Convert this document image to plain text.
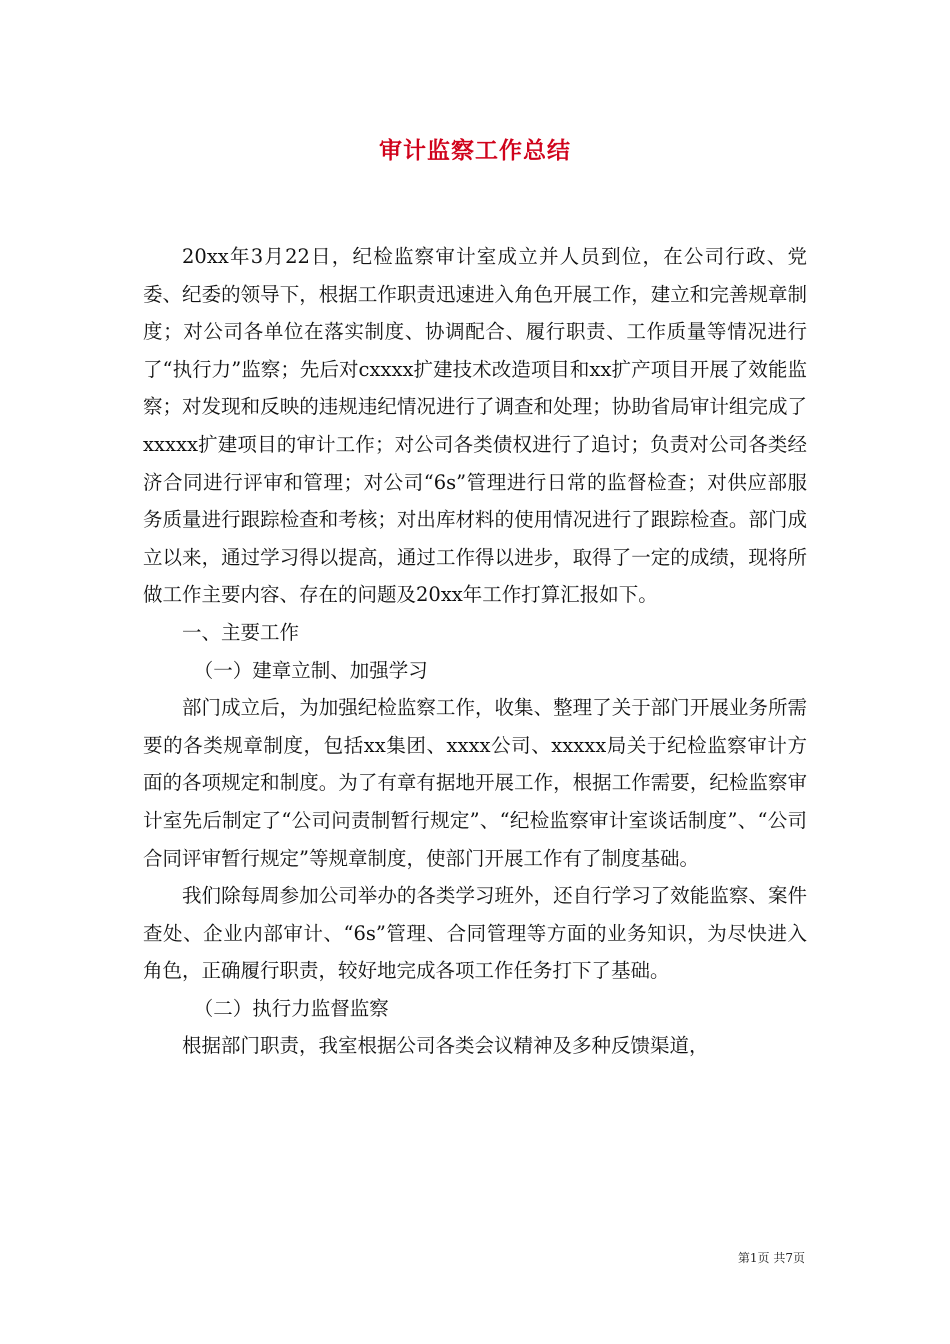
审计监察工作总结

20xx年3月22日，纪检监察审计室成立并人员到位，在公司行政、党委、纪委的领导下，根据工作职责迅速进入角色开展工作，建立和完善规章制度；对公司各单位在落实制度、协调配合、履行职责、工作质量等情况进行了“执行力”监察；先后对cxxxx扩建技术改造项目和xx扩产项目开展了效能监察；对发现和反映的违规违纪情况进行了调查和处理；协助省局审计组完成了xxxxx扩建项目的审计工作；对公司各类债权进行了追讨；负责对公司各类经济合同进行评审和管理；对公司“6s”管理进行日常的监督检查；对供应部服务质量进行跟踪检查和考核；对出库材料的使用情况进行了跟踪检查。部门成立以来，通过学习得以提高，通过工作得以进步，取得了一定的成绩，现将所做工作主要内容、存在的问题及20xx年工作打算汇报如下。

一、主要工作

（一）建章立制、加强学习

部门成立后，为加强纪检监察工作，收集、整理了关于部门开展业务所需要的各类规章制度，包括xx集团、xxxx公司、xxxxx局关于纪检监察审计方面的各项规定和制度。为了有章有据地开展工作，根据工作需要，纪检监察审计室先后制定了“公司问责制暂行规定”、“纪检监察审计室谈话制度”、“公司合同评审暂行规定”等规章制度，使部门开展工作有了制度基础。

我们除每周参加公司举办的各类学习班外，还自行学习了效能监察、案件查处、企业内部审计、“6s”管理、合同管理等方面的业务知识，为尽快进入角色，正确履行职责，较好地完成各项工作任务打下了基础。

（二）执行力监督监察

根据部门职责，我室根据公司各类会议精神及多种反馈渠道，

第1页 共7页
